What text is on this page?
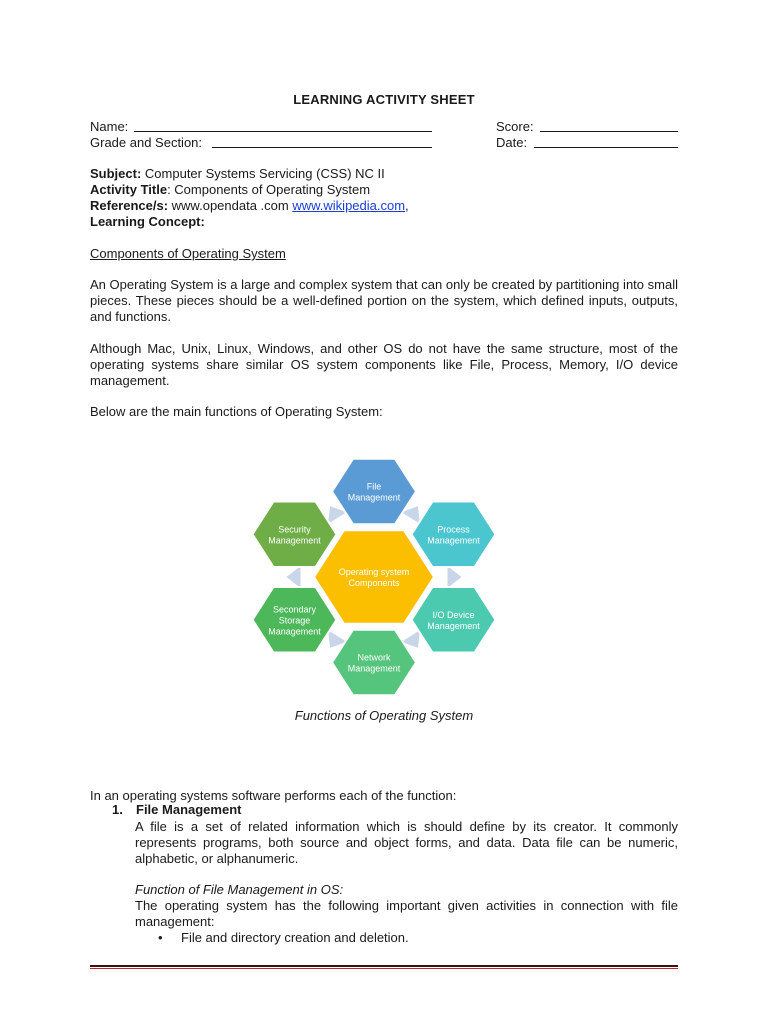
LEARNING ACTIVITY SHEET
Name:
Grade and Section:
Score:
Date:
Subject: Computer Systems Servicing (CSS) NC II
Activity Title: Components of Operating System
Reference/s: www.opendata .com www.wikipedia.com,
Learning Concept:
Components of Operating System

An Operating System is a large and complex system that can only be created by partitioning into small pieces. These pieces should be a well-defined portion on the system, which defined inputs, outputs, and functions.

Although Mac, Unix, Linux, Windows, and other OS do not have the same structure, most of the operating systems share similar OS system components like File, Process, Memory, I/O device management.

Below are the main functions of Operating System:

File
Management
Process
Management
I/O Device
Management
Network
Management
Secondary
Storage
Management
Security
Management
Operating system
Components
Functions of Operating System

In an operating systems software performs each of the function:

1. File Management

A file is a set of related information which is should define by its creator. It commonly represents programs, both source and object forms, and data. Data file can be numeric, alphabetic, or alphanumeric.

Function of File Management in OS:

The operating system has the following important given activities in connection with file management:

• File and directory creation and deletion.
